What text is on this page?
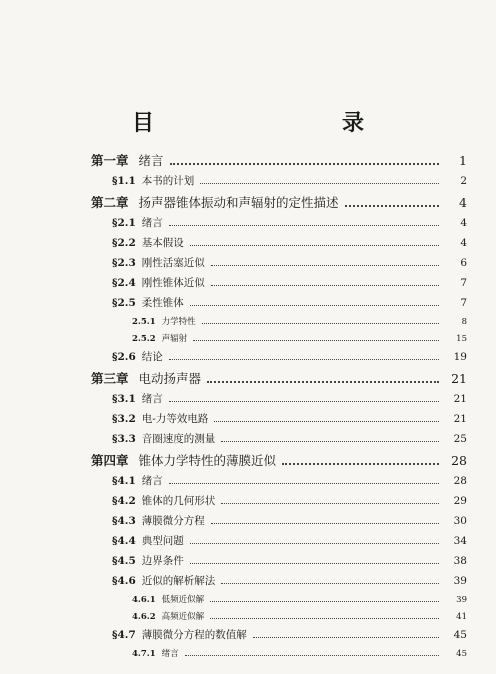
目　　录
第一章 绪言	1
§1.1 本书的计划	2
第二章 扬声器锥体振动和声辐射的定性描述	4
§2.1 绪言	4
§2.2 基本假设	4
§2.3 刚性活塞近似	6
§2.4 刚性锥体近似	7
§2.5 柔性锥体	7
2.5.1 力学特性	8
2.5.2 声辐射	15
§2.6 结论	19
第三章 电动扬声器	21
§3.1 绪言	21
§3.2 电-力等效电路	21
§3.3 音圈速度的测量	25
第四章 锥体力学特性的薄膜近似	28
§4.1 绪言	28
§4.2 锥体的几何形状	29
§4.3 薄膜微分方程	30
§4.4 典型问题	34
§4.5 边界条件	38
§4.6 近似的解析解法	39
4.6.1 低频近似解	39
4.6.2 高频近似解	41
§4.7 薄膜微分方程的数值解	45
4.7.1 绪言	45
